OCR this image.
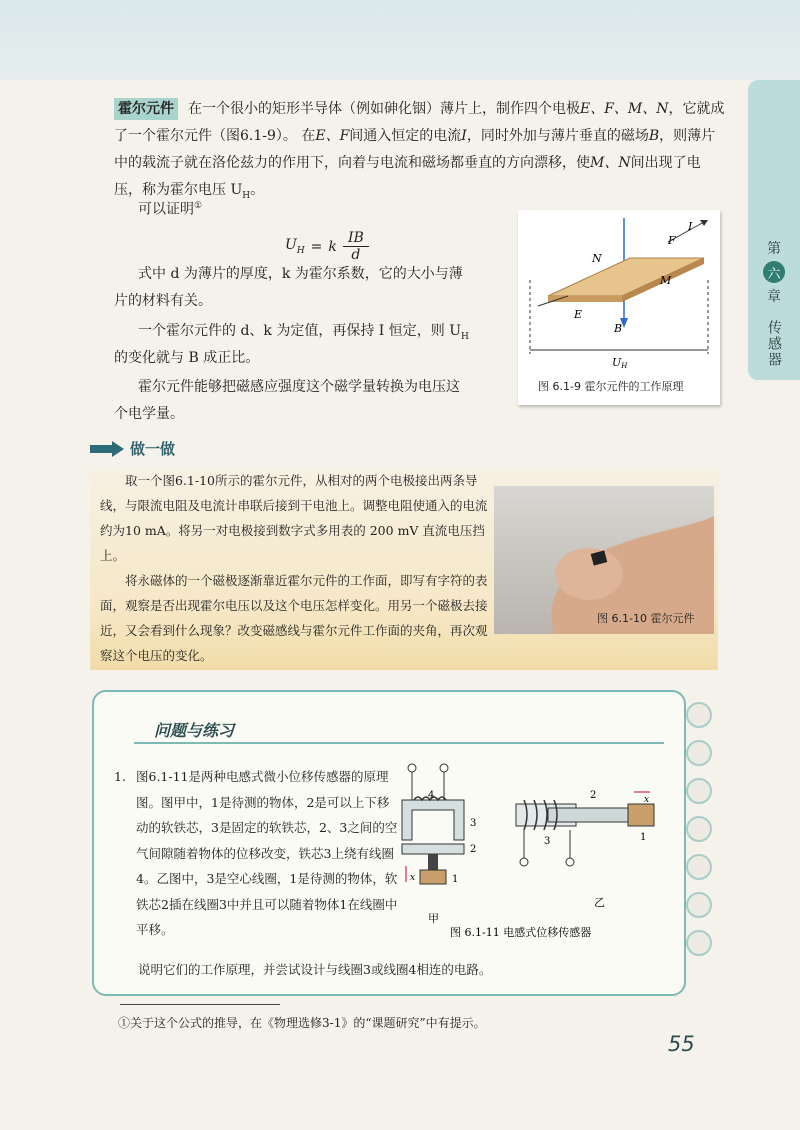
第
六
章
传感器
霍尔元件 在一个很小的矩形半导体（例如砷化铟）薄片上，制作四个电极E、F、M、N，它就成了一个霍尔元件（图6.1-9）。 在E、F间通入恒定的电流I，同时外加与薄片垂直的磁场B，则薄片中的载流子就在洛伦兹力的作用下，向着与电流和磁场都垂直的方向漂移，使M、N间出现了电压，称为霍尔电压 $U_H$。
可以证明①
$U_H = k \frac{IB}{d}$
式中 d 为薄片的厚度，k 为霍尔系数，它的大小与薄
片的材料有关。
一个霍尔元件的 d、k 为定值，再保持 I 恒定，则 $U_H$
的变化就与 B 成正比。
霍尔元件能够把磁感应强度这个磁学量转换为电压这
个电学量。
I
F
N
M
E
B
UH
图 6.1-9 霍尔元件的工作原理
做一做
取一个图6.1-10所示的霍尔元件，从相对的两个电极接出两条导线，与限流电阻及电流计串联后接到干电池上。调整电阻使通入的电流约为10 mA。将另一对电极接到数字式多用表的 200 mV 直流电压挡上。
将永磁体的一个磁极逐渐靠近霍尔元件的工作面，即写有字符的表面，观察是否出现霍尔电压以及这个电压怎样变化。用另一个磁极去接近，又会看到什么现象？改变磁感线与霍尔元件工作面的夹角，再次观察这个电压的变化。
图 6.1-10 霍尔元件
问题与练习
1. 图6.1-11是两种电感式微小位移传感器的原理图。图甲中，1是待测的物体，2是可以上下移动的软铁芯，3是固定的软铁芯，2、3之间的空气间隙随着物体的位移改变，铁芯3上绕有线圈4。乙图中，3是空心线圈，1是待测的物体，软铁芯2插在线圈3中并且可以随着物体1在线圈中平移。
说明它们的工作原理，并尝试设计与线圈3或线圈4相连的电路。
x
4
3
2
1
甲
2	x
1
3
乙
图 6.1-11 电感式位移传感器
①关于这个公式的推导，在《物理选修3-1》的“课题研究”中有提示。
55
